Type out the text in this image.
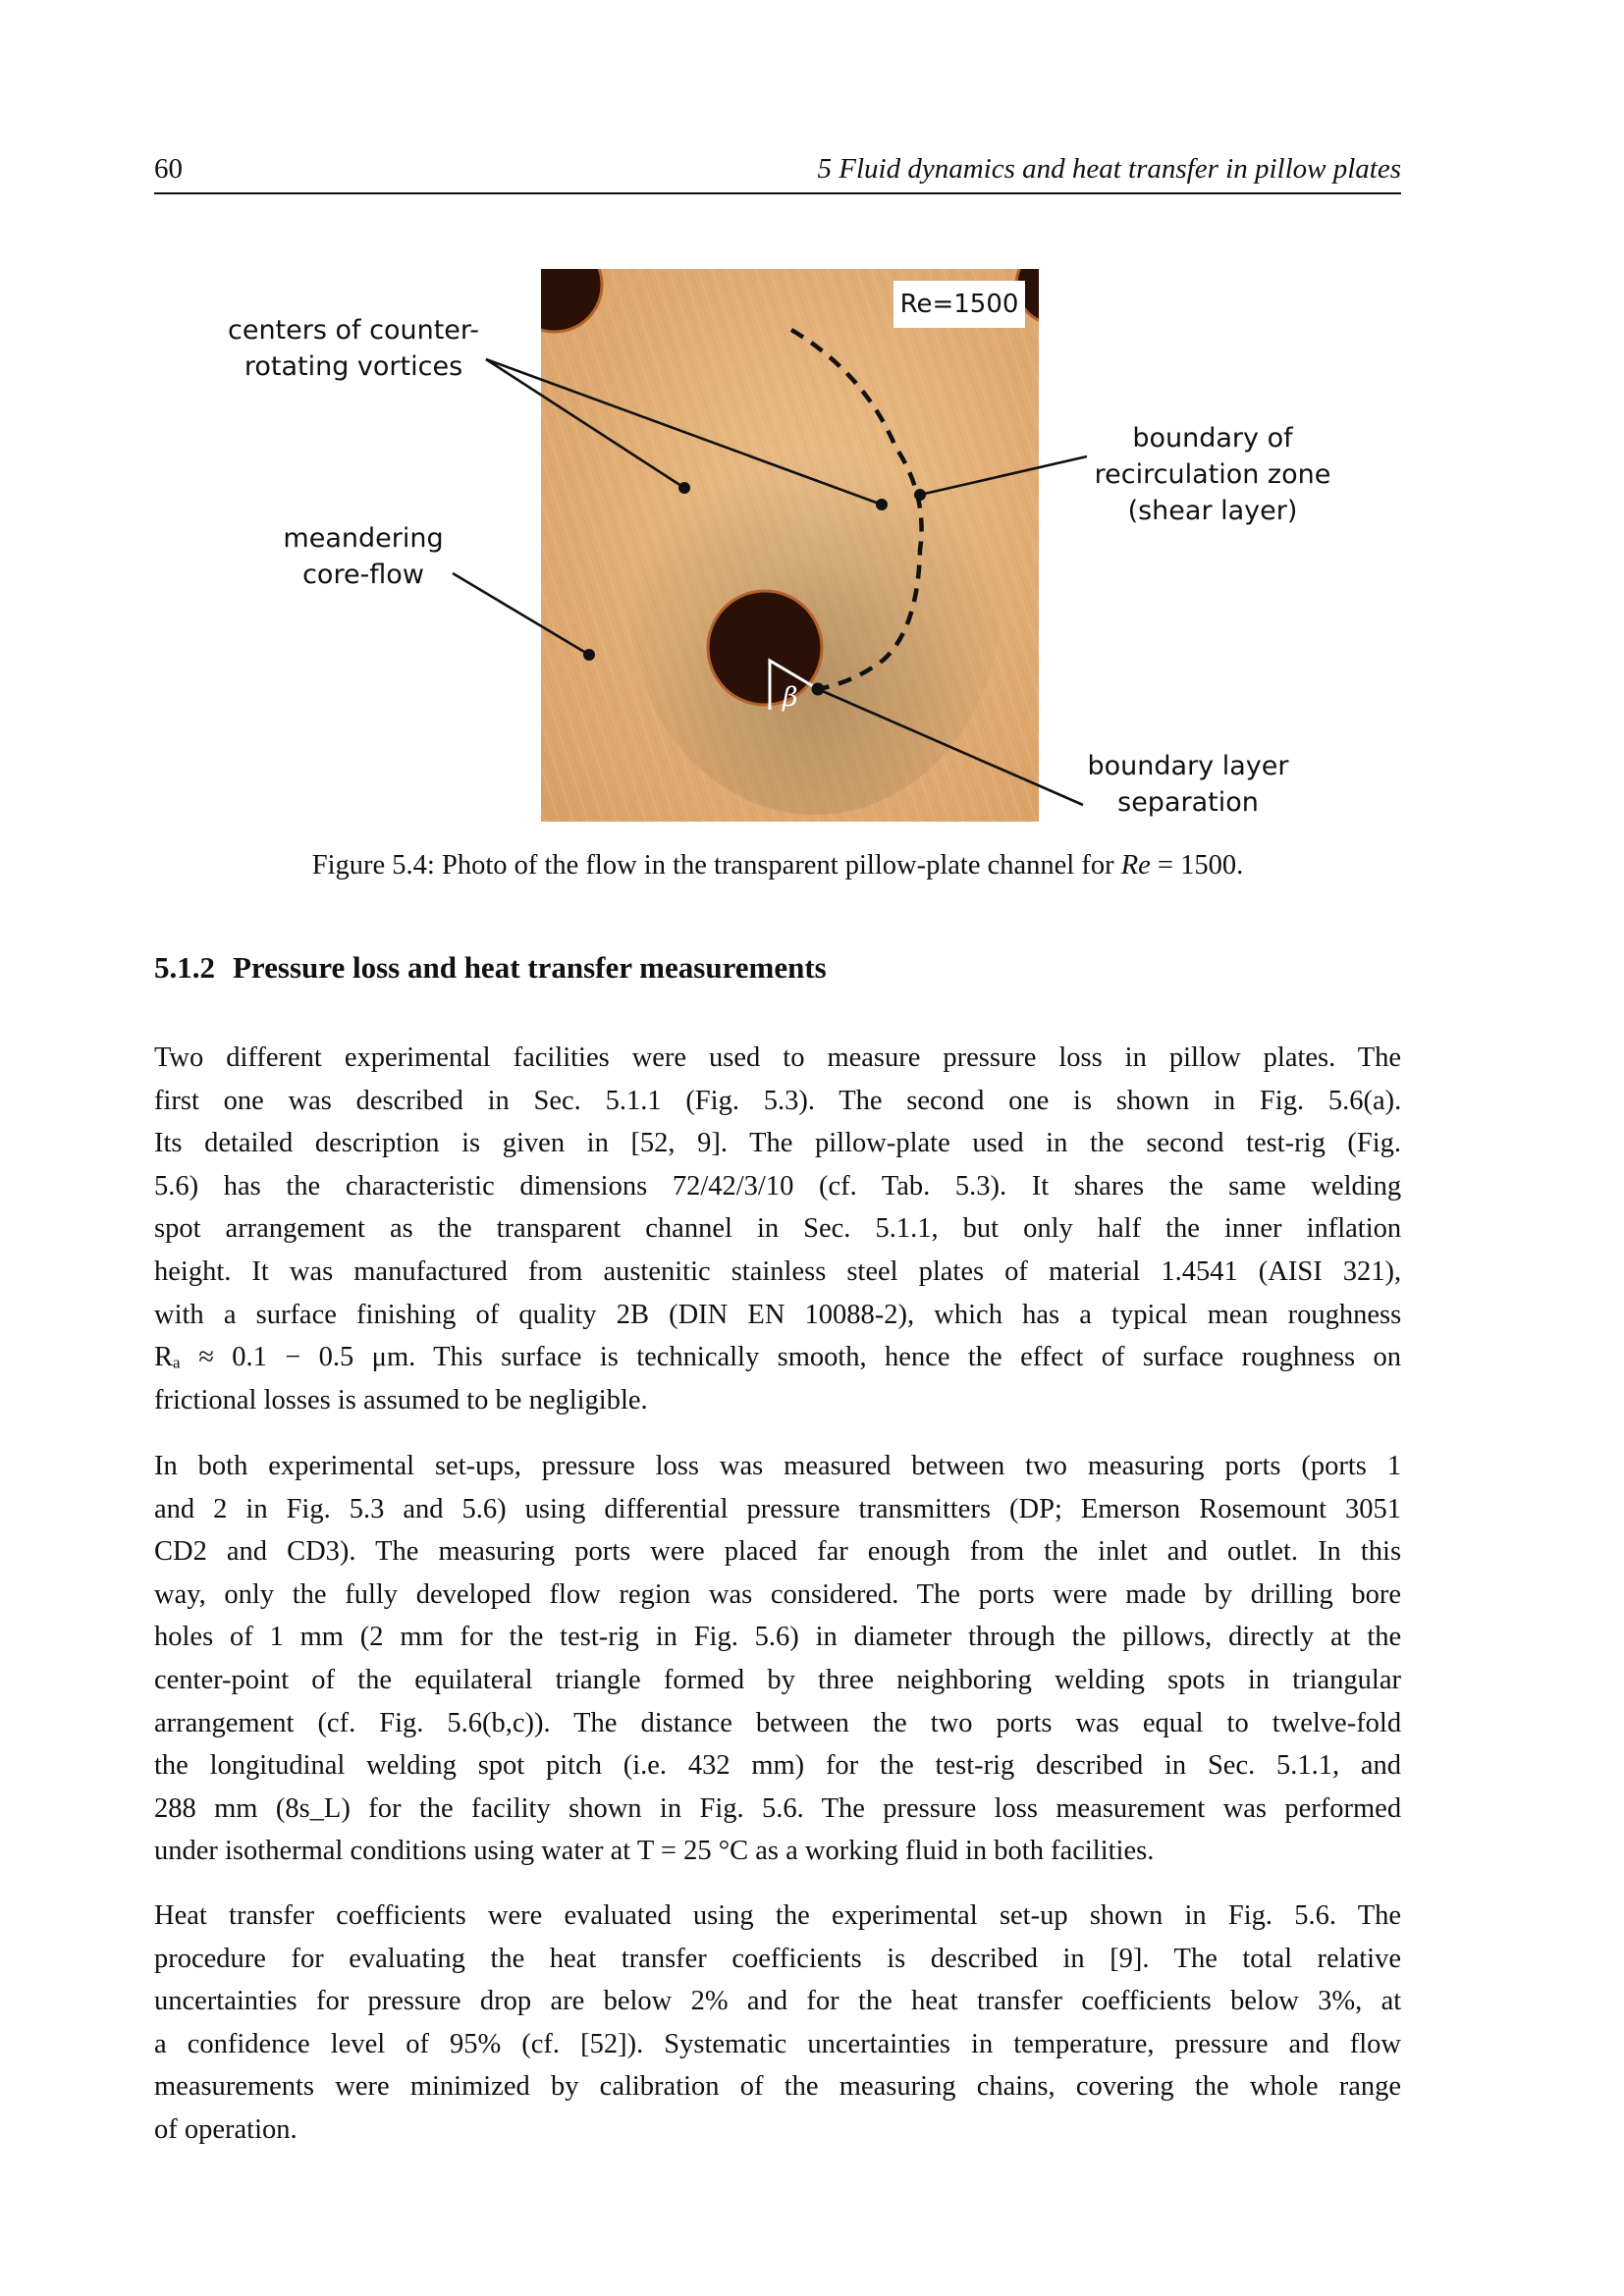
60	5 Fluid dynamics and heat transfer in pillow plates
β
Re=1500
centers of counter-
rotating vortices
meandering
core-flow
boundary of
recirculation zone
(shear layer)
boundary layer
separation
Figure 5.4: Photo of the flow in the transparent pillow-plate channel for Re = 1500.
5.1.2 Pressure loss and heat transfer measurements
Two different experimental facilities were used to measure pressure loss in pillow plates. The
first one was described in Sec. 5.1.1 (Fig. 5.3). The second one is shown in Fig. 5.6(a).
Its detailed description is given in [52, 9]. The pillow-plate used in the second test-rig (Fig.
5.6) has the characteristic dimensions 72/42/3/10 (cf. Tab. 5.3). It shares the same welding
spot arrangement as the transparent channel in Sec. 5.1.1, but only half the inner inflation
height. It was manufactured from austenitic stainless steel plates of material 1.4541 (AISI 321),
with a surface finishing of quality 2B (DIN EN 10088-2), which has a typical mean roughness
Rₐ ≈ 0.1 − 0.5 μm. This surface is technically smooth, hence the effect of surface roughness on
frictional losses is assumed to be negligible.
In both experimental set-ups, pressure loss was measured between two measuring ports (ports 1
and 2 in Fig. 5.3 and 5.6) using differential pressure transmitters (DP; Emerson Rosemount 3051
CD2 and CD3). The measuring ports were placed far enough from the inlet and outlet. In this
way, only the fully developed flow region was considered. The ports were made by drilling bore
holes of 1 mm (2 mm for the test-rig in Fig. 5.6) in diameter through the pillows, directly at the
center-point of the equilateral triangle formed by three neighboring welding spots in triangular
arrangement (cf. Fig. 5.6(b,c)). The distance between the two ports was equal to twelve-fold
the longitudinal welding spot pitch (i.e. 432 mm) for the test-rig described in Sec. 5.1.1, and
288 mm (8s_L) for the facility shown in Fig. 5.6. The pressure loss measurement was performed
under isothermal conditions using water at T = 25 °C as a working fluid in both facilities.
Heat transfer coefficients were evaluated using the experimental set-up shown in Fig. 5.6. The
procedure for evaluating the heat transfer coefficients is described in [9]. The total relative
uncertainties for pressure drop are below 2% and for the heat transfer coefficients below 3%, at
a confidence level of 95% (cf. [52]). Systematic uncertainties in temperature, pressure and flow
measurements were minimized by calibration of the measuring chains, covering the whole range
of operation.
